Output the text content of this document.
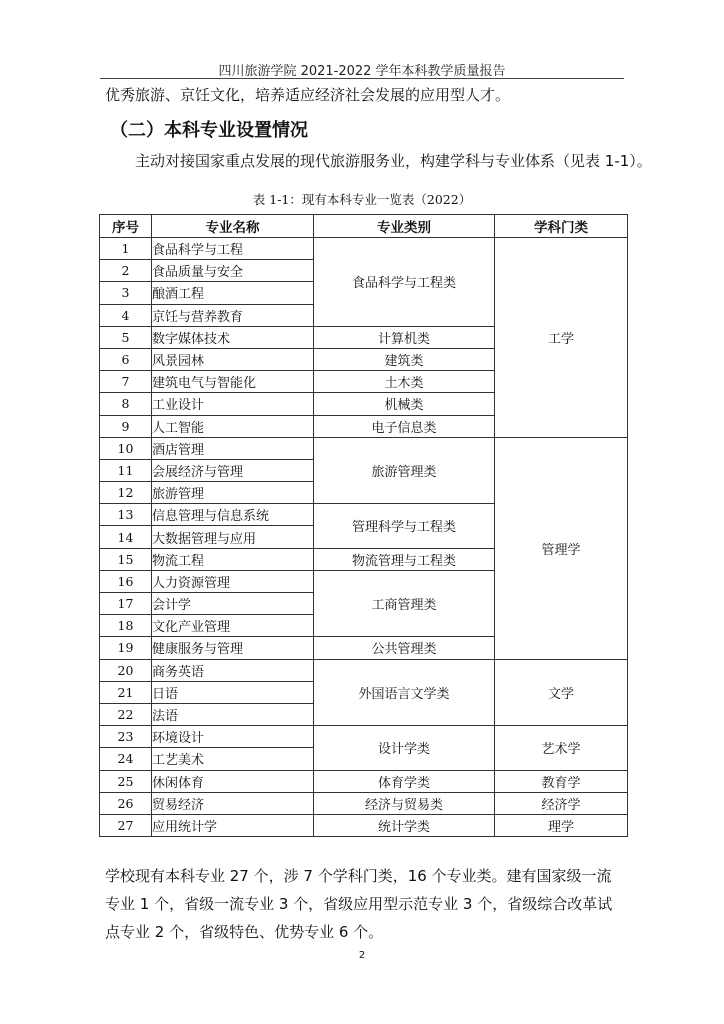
四川旅游学院 2021-2022 学年本科教学质量报告
优秀旅游、京饪文化，培养适应经济社会发展的应用型人才。
（二）本科专业设置情况
主动对接国家重点发展的现代旅游服务业，构建学科与专业体系（见表 1-1）。
表 1-1：现有本科专业一览表（2022）
序号	专业名称	专业类别	学科门类
1	食品科学与工程	食品科学与工程类	工学
2	食品质量与安全		
3	酿酒工程		
4	京饪与营养教育		
5	数字媒体技术	计算机类	
6	风景园林	建筑类	
7	建筑电气与智能化	土木类	
8	工业设计	机械类	
9	人工智能	电子信息类	
10	酒店管理	旅游管理类	管理学
11	会展经济与管理		
12	旅游管理		
13	信息管理与信息系统	管理科学与工程类	
14	大数据管理与应用		
15	物流工程	物流管理与工程类	
16	人力资源管理	工商管理类	
17	会计学		
18	文化产业管理		
19	健康服务与管理	公共管理类	
20	商务英语	外国语言文学类	文学
21	日语		
22	法语		
23	环境设计	设计学类	艺术学
24	工艺美术		
25	休闲体育	体育学类	教育学
26	贸易经济	经济与贸易类	经济学
27	应用统计学	统计学类	理学
学校现有本科专业 27 个，涉 7 个学科门类，16 个专业类。建有国家级一流专业 1 个，省级一流专业 3 个，省级应用型示范专业 3 个，省级综合改革试点专业 2 个，省级特色、优势专业 6 个。
2
